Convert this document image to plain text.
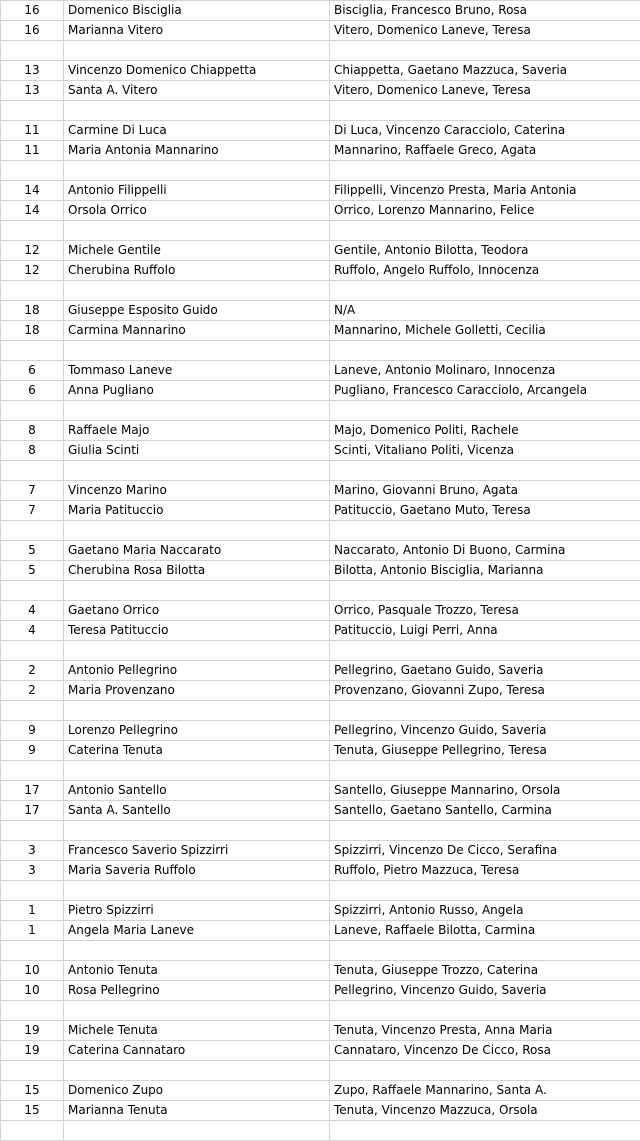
16	Domenico Bisciglia	Bisciglia, Francesco Bruno, Rosa
16	Marianna Vitero	Vitero, Domenico Laneve, Teresa

13	Vincenzo Domenico Chiappetta	Chiappetta, Gaetano Mazzuca, Saveria
13	Santa A. Vitero	Vitero, Domenico Laneve, Teresa

11	Carmine Di Luca	Di Luca, Vincenzo Caracciolo, Caterina
11	Maria Antonia Mannarino	Mannarino, Raffaele Greco, Agata

14	Antonio Filippelli	Filippelli, Vincenzo Presta, Maria Antonia
14	Orsola Orrico	Orrico, Lorenzo Mannarino, Felice

12	Michele Gentile	Gentile, Antonio Bilotta, Teodora
12	Cherubina Ruffolo	Ruffolo, Angelo Ruffolo, Innocenza

18	Giuseppe Esposito Guido	N/A
18	Carmina Mannarino	Mannarino, Michele Golletti, Cecilia

6	Tommaso Laneve	Laneve, Antonio Molinaro, Innocenza
6	Anna Pugliano	Pugliano, Francesco Caracciolo, Arcangela

8	Raffaele Majo	Majo, Domenico Politi, Rachele
8	Giulia Scinti	Scinti, Vitaliano Politi, Vicenza

7	Vincenzo Marino	Marino, Giovanni Bruno, Agata
7	Maria Patituccio	Patituccio, Gaetano Muto, Teresa

5	Gaetano Maria Naccarato	Naccarato, Antonio Di Buono, Carmina
5	Cherubina Rosa Bilotta	Bilotta, Antonio Bisciglia, Marianna

4	Gaetano Orrico	Orrico, Pasquale Trozzo, Teresa
4	Teresa Patituccio	Patituccio, Luigi Perri, Anna

2	Antonio Pellegrino	Pellegrino, Gaetano Guido, Saveria
2	Maria Provenzano	Provenzano, Giovanni Zupo, Teresa

9	Lorenzo Pellegrino	Pellegrino, Vincenzo Guido, Saveria
9	Caterina Tenuta	Tenuta, Giuseppe Pellegrino, Teresa

17	Antonio Santello	Santello, Giuseppe Mannarino, Orsola
17	Santa A. Santello	Santello, Gaetano Santello, Carmina

3	Francesco Saverio Spizzirri	Spizzirri, Vincenzo De Cicco, Serafina
3	Maria Saveria Ruffolo	Ruffolo, Pietro Mazzuca, Teresa

1	Pietro Spizzirri	Spizzirri, Antonio Russo, Angela
1	Angela Maria Laneve	Laneve, Raffaele Bilotta, Carmina

10	Antonio Tenuta	Tenuta, Giuseppe Trozzo, Caterina
10	Rosa Pellegrino	Pellegrino, Vincenzo Guido, Saveria

19	Michele Tenuta	Tenuta, Vincenzo Presta, Anna Maria
19	Caterina Cannataro	Cannataro, Vincenzo De Cicco, Rosa

15	Domenico Zupo	Zupo, Raffaele Mannarino, Santa A.
15	Marianna Tenuta	Tenuta, Vincenzo Mazzuca, Orsola
